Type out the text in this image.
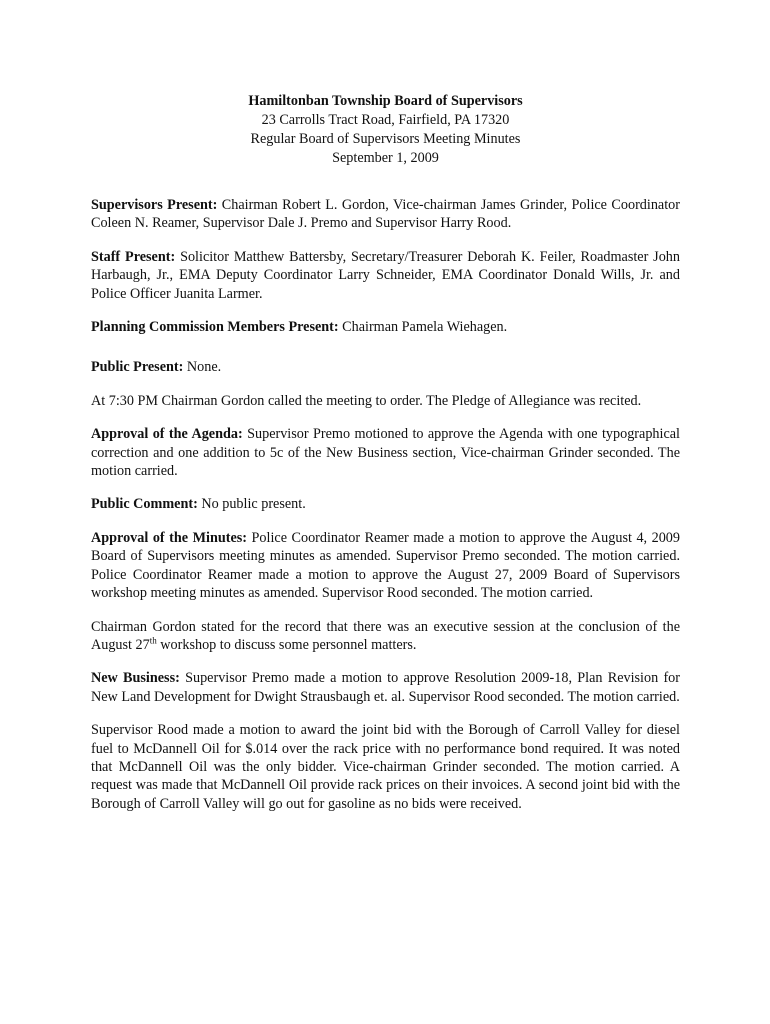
Hamiltonban Township Board of Supervisors
23 Carrolls Tract Road, Fairfield, PA 17320
Regular Board of Supervisors Meeting Minutes
September 1, 2009

Supervisors Present: Chairman Robert L. Gordon, Vice-chairman James Grinder, Police Coordinator Coleen N. Reamer, Supervisor Dale J. Premo and Supervisor Harry Rood.

Staff Present: Solicitor Matthew Battersby, Secretary/Treasurer Deborah K. Feiler, Roadmaster John Harbaugh, Jr., EMA Deputy Coordinator Larry Schneider, EMA Coordinator Donald Wills, Jr. and Police Officer Juanita Larmer.

Planning Commission Members Present: Chairman Pamela Wiehagen.

Public Present: None.

At 7:30 PM Chairman Gordon called the meeting to order. The Pledge of Allegiance was recited.

Approval of the Agenda: Supervisor Premo motioned to approve the Agenda with one typographical correction and one addition to 5c of the New Business section, Vice-chairman Grinder seconded. The motion carried.

Public Comment: No public present.

Approval of the Minutes: Police Coordinator Reamer made a motion to approve the August 4, 2009 Board of Supervisors meeting minutes as amended. Supervisor Premo seconded. The motion carried. Police Coordinator Reamer made a motion to approve the August 27, 2009 Board of Supervisors workshop meeting minutes as amended. Supervisor Rood seconded. The motion carried.

Chairman Gordon stated for the record that there was an executive session at the conclusion of the August 27th workshop to discuss some personnel matters.

New Business: Supervisor Premo made a motion to approve Resolution 2009-18, Plan Revision for New Land Development for Dwight Strausbaugh et. al. Supervisor Rood seconded. The motion carried.

Supervisor Rood made a motion to award the joint bid with the Borough of Carroll Valley for diesel fuel to McDannell Oil for $.014 over the rack price with no performance bond required. It was noted that McDannell Oil was the only bidder. Vice-chairman Grinder seconded. The motion carried. A request was made that McDannell Oil provide rack prices on their invoices. A second joint bid with the Borough of Carroll Valley will go out for gasoline as no bids were received.
